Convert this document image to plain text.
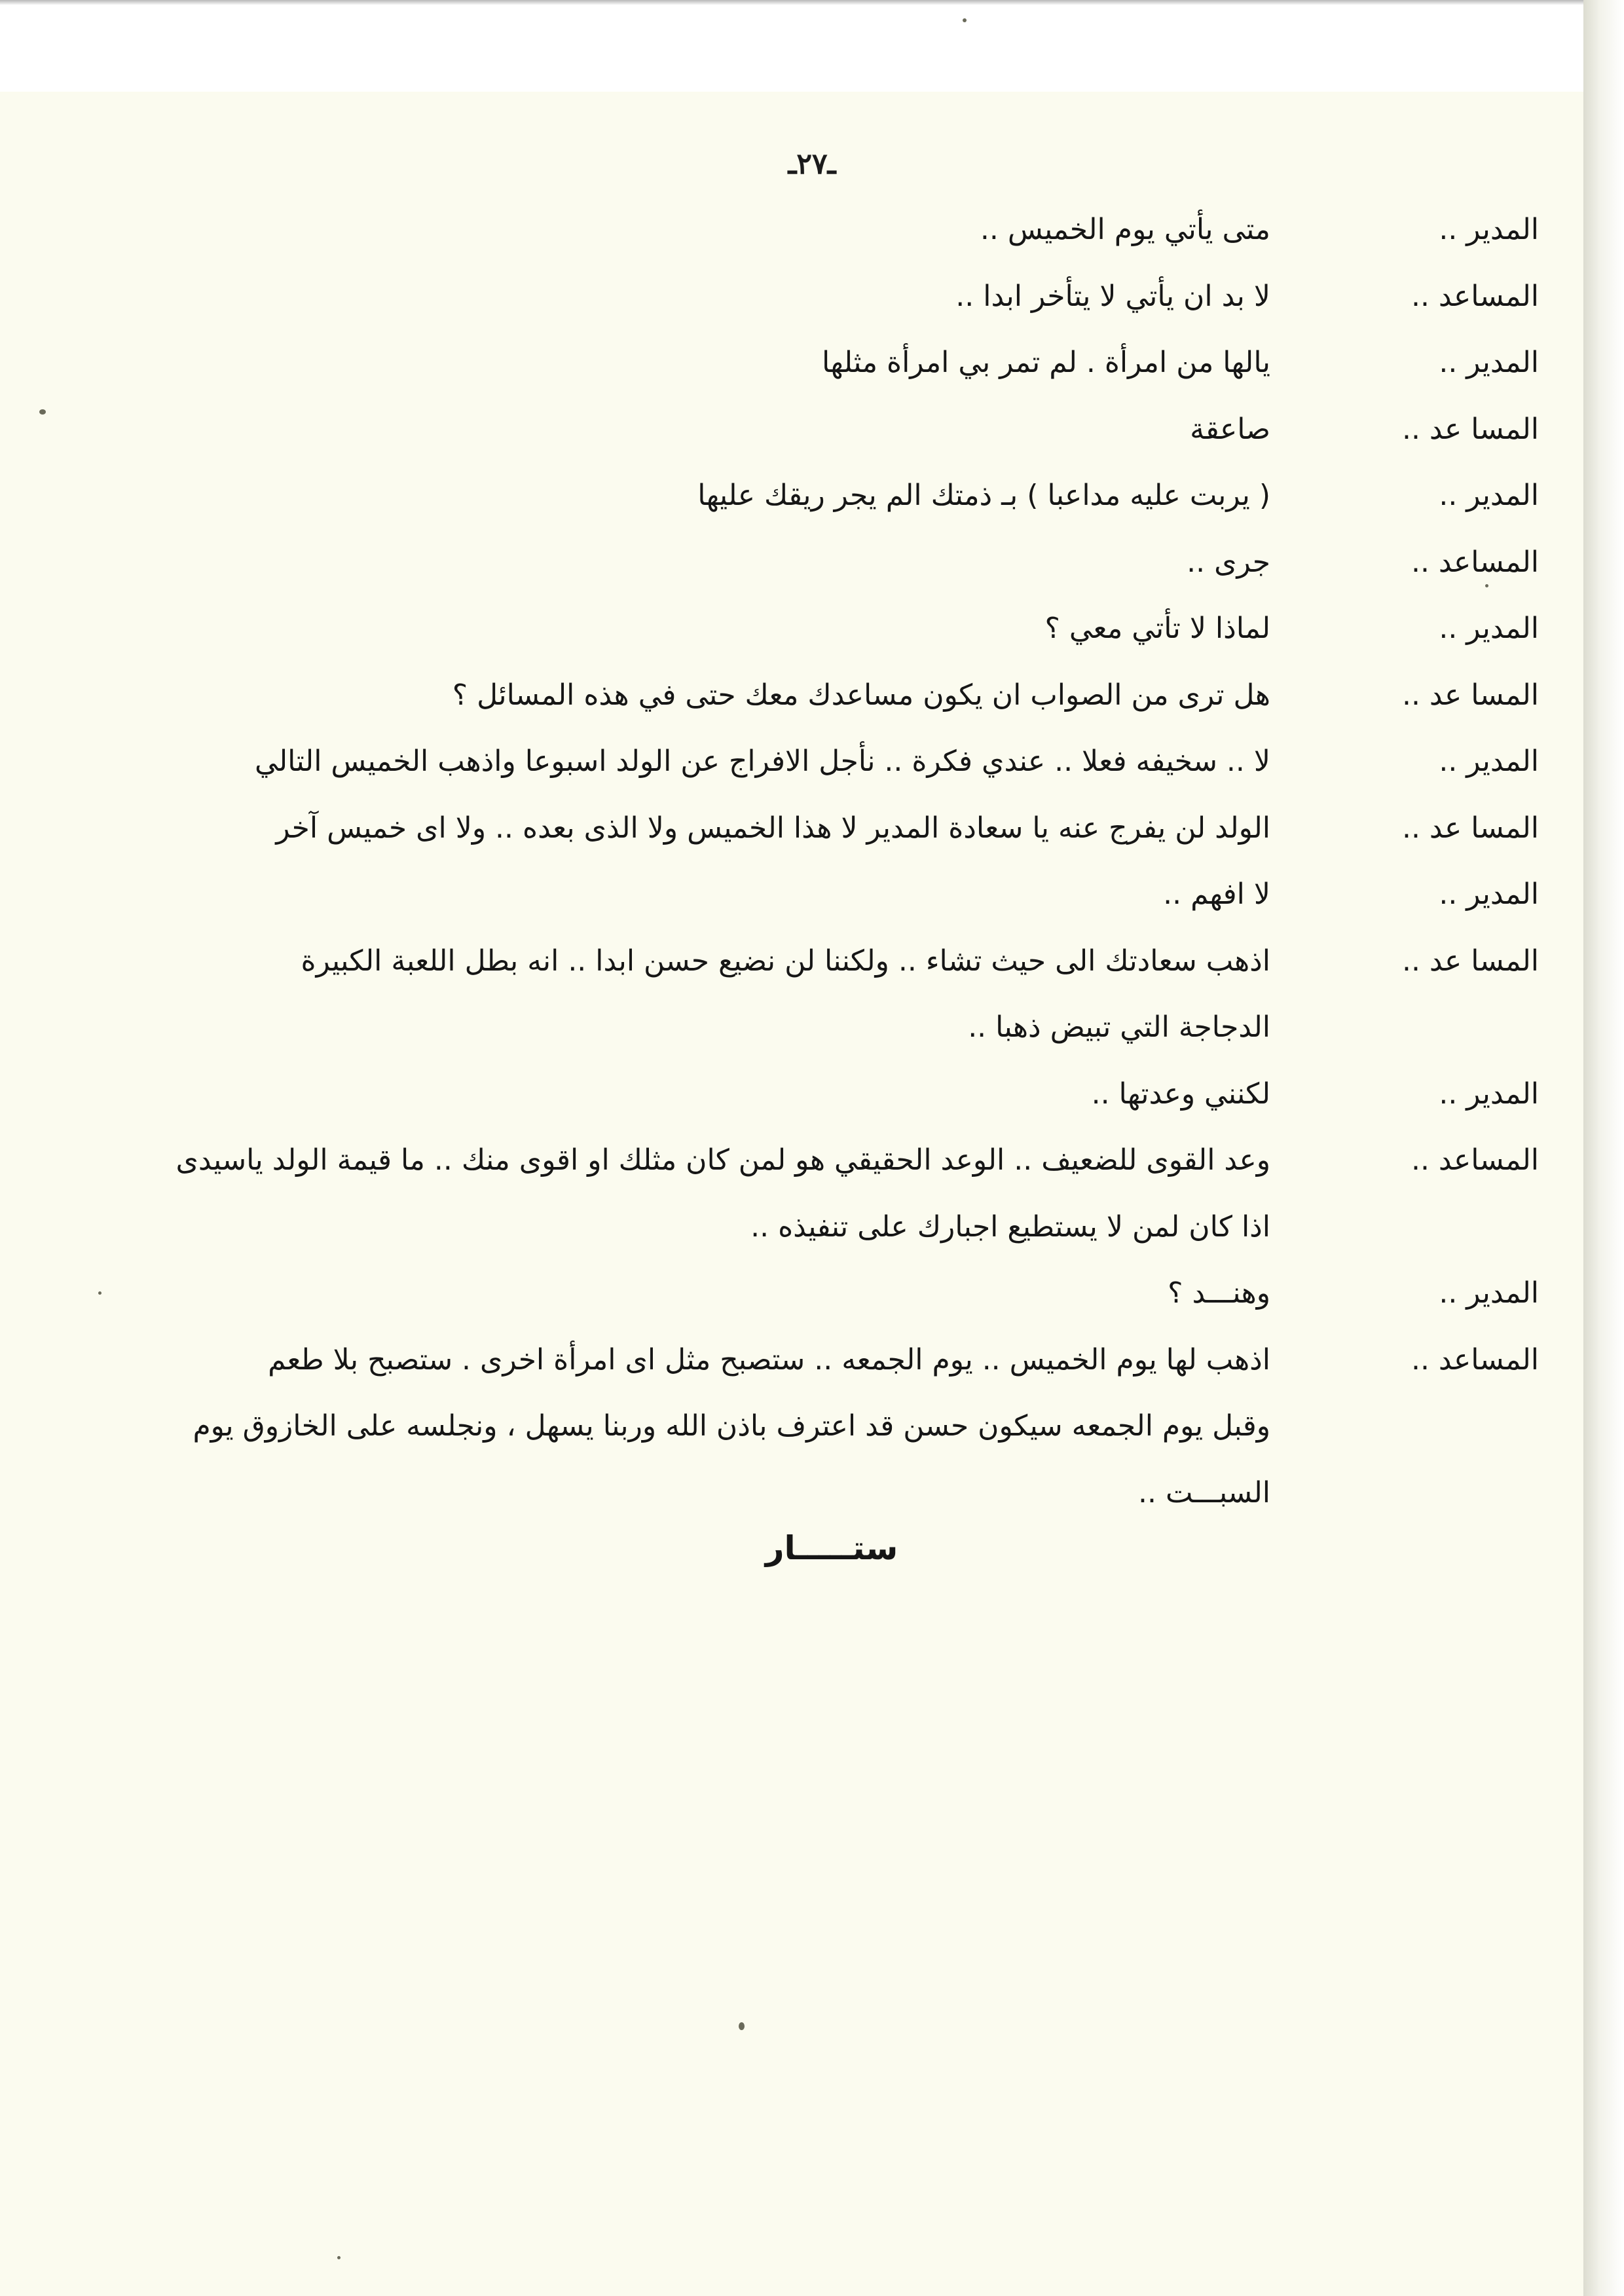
ـ٢٧ـ
المدير ..
متى يأتي يوم الخميس ..
المساعد ..
لا بد ان يأتي لا يتأخر ابدا ..
المدير ..
يالها من امرأة . لم تمر بي امرأة مثلها
المسا عد ..
صاعقة
المدير ..
( يربت عليه مداعبا ) بـ ذمتك الم يجر ريقك عليها
المساعد ..
جرى ..
المدير ..
لماذا لا تأتي معي ؟
المسا عد ..
هل ترى من الصواب ان يكون مساعدك معك حتى في هذه المسائل ؟
المدير ..
لا .. سخيفه فعلا .. عندي فكرة .. نأجل الافراج عن الولد اسبوعا واذهب الخميس التالي
المسا عد ..
الولد لن يفرج عنه يا سعادة المدير لا هذا الخميس ولا الذى بعده .. ولا اى خميس آخر
المدير ..
لا افهم ..
المسا عد ..
اذهب سعادتك الى حيث تشاء .. ولكننا لن نضيع حسن ابدا .. انه بطل اللعبة الكبيرة
الدجاجة التي تبيض ذهبا ..
المدير ..
لكنني وعدتها ..
المساعد ..
وعد القوى للضعيف .. الوعد الحقيقي هو لمن كان مثلك او اقوى منك .. ما قيمة الولد ياسيدى
اذا كان لمن لا يستطيع اجبارك على تنفيذه ..
المدير ..
وهنـــد ؟
المساعد ..
اذهب لها يوم الخميس .. يوم الجمعه .. ستصبح مثل اى امرأة اخرى . ستصبح بلا طعم
وقبل يوم الجمعه سيكون حسن قد اعترف باذن الله وربنا يسهل ، ونجلسه على الخازوق يوم
السبـــت ..
ستـــــار
